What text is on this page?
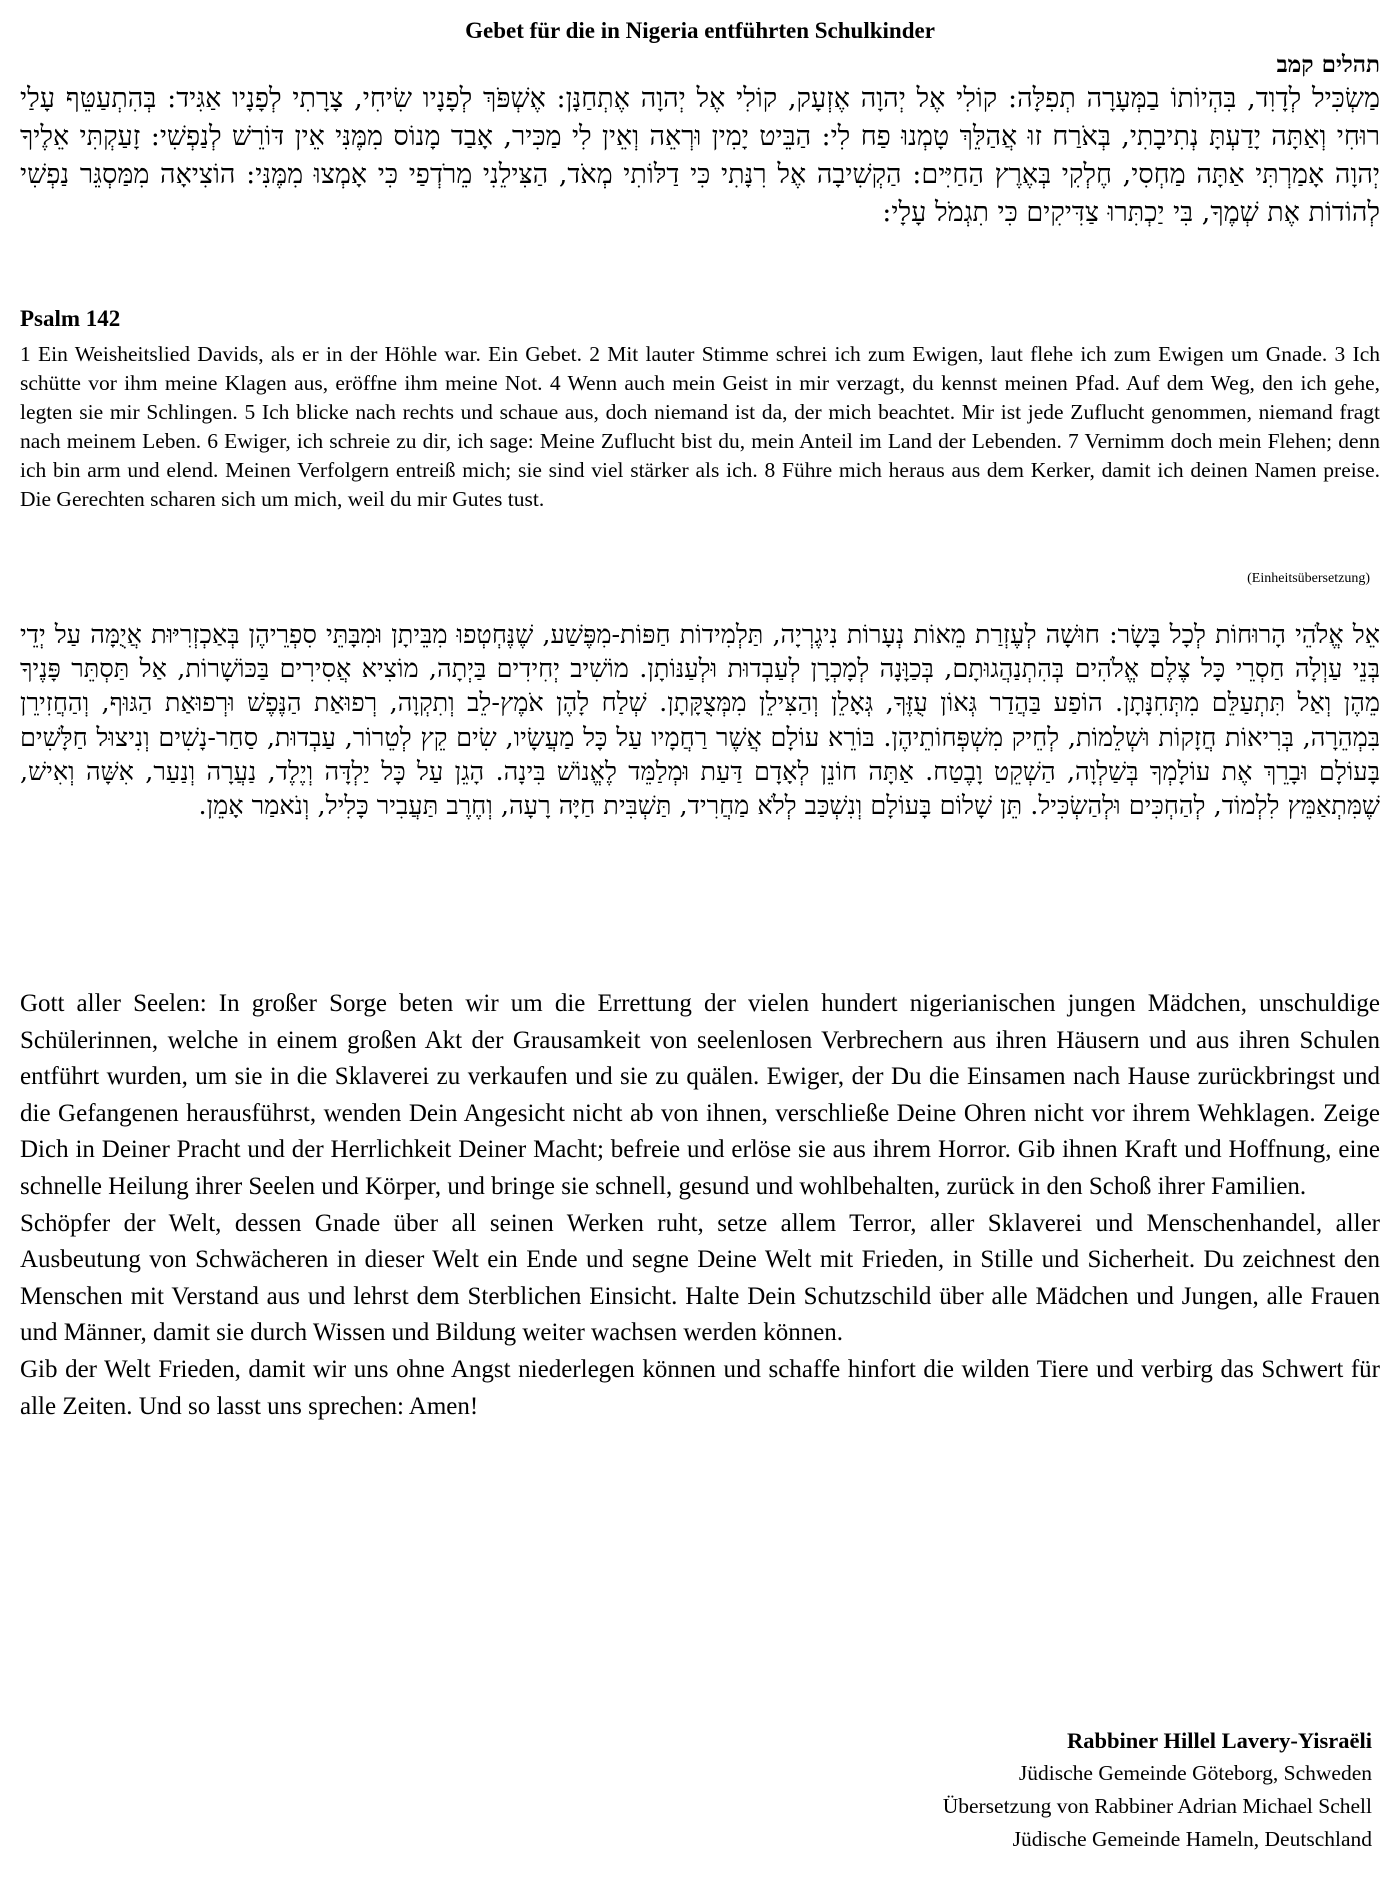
Gebet für die in Nigeria entführten Schulkinder
תהלים קמב

מַשְׂכִּיל לְדָוִד, בִּהְיוֹתוֹ בַמְּעָרָה תְפִלָּה: קוֹלִי אֶל יְהוָה אֶזְעָק, קוֹלִי אֶל יְהוָה אֶתְחַנָּן: אֶשְׁפֹּךְ לְפָנָיו שִׂיחִי, צָרָתִי לְפָנָיו אַגִּיד: בְּהִתְעַטֵּף עָלַי רוּחִי וְאַתָּה יָדַעְתָּ נְתִיבָתִי, בְּאֹרַח זוּ אֲהַלֵּךְ טָמְנוּ פַח לִי: הַבֵּיט יָמִין וּרְאֵה וְאֵין לִי מַכִּיר, אָבַד מָנוֹס מִמֶּנִּי אֵין דּוֹרֵשׁ לְנַפְשִׁי: זָעַקְתִּי אֵלֶיךָ יְהוָה אָמַרְתִּי אַתָּה מַחְסִי, חֶלְקִי בְּאֶרֶץ הַחַיִּים: הַקְשִׁיבָה אֶל רִנָּתִי כִּי דַלּוֹתִי מְאֹד, הַצִּילֵנִי מֵרֹדְפַי כִּי אָמְצוּ מִמֶּנִּי: הוֹצִיאָה מִמַּסְגֵּר נַפְשִׁי לְהוֹדוֹת אֶת שְׁמֶךָ, בִּי יַכְתִּרוּ צַדִּיקִים כִּי תִגְמֹל עָלָי:

Psalm 142

1 Ein Weisheitslied Davids, als er in der Höhle war. Ein Gebet. 2 Mit lauter Stimme schrei ich zum Ewigen, laut flehe ich zum Ewigen um Gnade. 3 Ich schütte vor ihm meine Klagen aus, eröffne ihm meine Not. 4 Wenn auch mein Geist in mir verzagt, du kennst meinen Pfad. Auf dem Weg, den ich gehe, legten sie mir Schlingen. 5 Ich blicke nach rechts und schaue aus, doch niemand ist da, der mich beachtet. Mir ist jede Zuflucht genommen, niemand fragt nach meinem Leben. 6 Ewiger, ich schreie zu dir, ich sage: Meine Zuflucht bist du, mein Anteil im Land der Lebenden. 7 Vernimm doch mein Flehen; denn ich bin arm und elend. Meinen Verfolgern entreiß mich; sie sind viel stärker als ich. 8 Führe mich heraus aus dem Kerker, damit ich deinen Namen preise. Die Gerechten scharen sich um mich, weil du mir Gutes tust.

(Einheitsübersetzung)

אֵל אֱלֹהֵי הָרוּחוֹת לְכָל בָּשָׂר: חוּשָׁה לְעֶזְרַת מֵאוֹת נְעָרוֹת נִיגֶרְיָה, תַּלְמִידוֹת חַפּוֹת-מִפֶּשַׁע, שֶׁנֶּחְטְפוּ מִבֵּיתָן וּמִבָּתֵּי סִפְרֵיהֶן בְּאַכְזְרִיּוּת אֲיֻמָּה עַל יְדֵי בְּנֵי עַוְלָה חַסְרֵי כָּל צֶלֶם אֱלֹהִים בְּהִתְנַהֲגוּתָם, בְּכַוָּנָה לְמָכְרָן לְעַבְדוּת וּלְעַנּוֹתָן. מוֹשִׁיב יְחִידִים בַּיְתָה, מוֹצִיא אֲסִירִים בַּכּוֹשָׁרוֹת, אַל תַּסְתֵּר פָּנֶיךָ מֵהֶן וְאַל תִּתְעַלֵּם מִתְּחִנָּתָן. הוֹפַע בַּהֲדַר גְּאוֹן עֻזֶּךָ, גְּאָלֵן וְהַצִּילֵן מִמְּצֻקָּתָן. שְׁלַח לָהֶן אֹמֶץ-לֵב וְתִקְוָה, רְפוּאַת הַנֶּפֶשׁ וּרְפוּאַת הַגּוּף, וְהַחֲזִירֵן בִּמְהֵרָה, בְּרִיאוֹת חֲזָקוֹת וּשְׁלֵמוֹת, לְחֵיק מִשְׁפְּחוֹתֵיהֶן. בּוֹרֵא עוֹלָם אֲשֶׁר רַחֲמָיו עַל כָּל מַעֲשָׂיו, שִׂים קֵץ לְטֵרוֹר, עַבְדוּת, סַחַר-נָשִׁים וְנִיצוּל חַלָּשִׁים בָּעוֹלָם וּבָרֵךְ אֶת עוֹלָמְךָ בְּשַׁלְוָה, הַשְׁקֵט וָבֶטַח. אַתָּה חוֹנֵן לְאָדָם דַּעַת וּמְלַמֵּד לֶאֱנוֹשׁ בִּינָה. הָגֵן עַל כָּל יַלְדָּה וְיֶלֶד, נַעֲרָה וְנַעַר, אִשָּׁה וְאִישׁ, שֶׁמִּתְאַמֵּץ לִלְמוֹד, לְהַחְכִּים וּלְהַשְׂכִּיל. תֵּן שָׁלוֹם בָּעוֹלָם וְנִשְׁכַּב לְלֹא מַחֲרִיד, תַּשְׁבִּית חַיָּה רָעָה, וְחֶרֶב תַּעֲבִיר כָּלִיל, וְנֹאמַר אָמֵן.

Gott aller Seelen: In großer Sorge beten wir um die Errettung der vielen hundert nigerianischen jungen Mädchen, unschuldige Schülerinnen, welche in einem großen Akt der Grausamkeit von seelenlosen Verbrechern aus ihren Häusern und aus ihren Schulen entführt wurden, um sie in die Sklaverei zu verkaufen und sie zu quälen. Ewiger, der Du die Einsamen nach Hause zurückbringst und die Gefangenen herausführst, wenden Dein Angesicht nicht ab von ihnen, verschließe Deine Ohren nicht vor ihrem Wehklagen. Zeige Dich in Deiner Pracht und der Herrlichkeit Deiner Macht; befreie und erlöse sie aus ihrem Horror. Gib ihnen Kraft und Hoffnung, eine schnelle Heilung ihrer Seelen und Körper, und bringe sie schnell, gesund und wohlbehalten, zurück in den Schoß ihrer Familien.

Schöpfer der Welt, dessen Gnade über all seinen Werken ruht, setze allem Terror, aller Sklaverei und Menschenhandel, aller Ausbeutung von Schwächeren in dieser Welt ein Ende und segne Deine Welt mit Frieden, in Stille und Sicherheit. Du zeichnest den Menschen mit Verstand aus und lehrst dem Sterblichen Einsicht. Halte Dein Schutzschild über alle Mädchen und Jungen, alle Frauen und Männer, damit sie durch Wissen und Bildung weiter wachsen werden können.

Gib der Welt Frieden, damit wir uns ohne Angst niederlegen können und schaffe hinfort die wilden Tiere und verbirg das Schwert für alle Zeiten. Und so lasst uns sprechen: Amen!

Rabbiner Hillel Lavery-Yisraëli
Jüdische Gemeinde Göteborg, Schweden
Übersetzung von Rabbiner Adrian Michael Schell
Jüdische Gemeinde Hameln, Deutschland
